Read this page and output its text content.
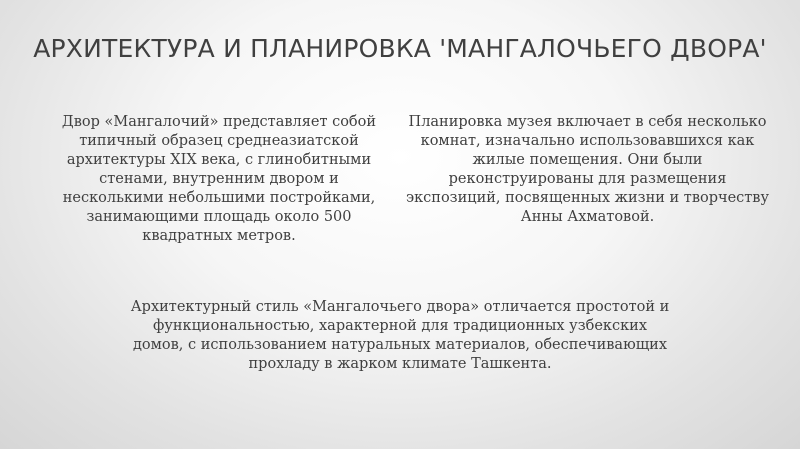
АРХИТЕКТУРА И ПЛАНИРОВКА 'МАНГАЛОЧЬЕГО ДВОРА'

Двор «Мангалочий» представляет собой типичный образец среднеазиатской архитектуры XIX века, с глинобитными стенами, внутренним двором и несколькими небольшими постройками, занимающими площадь около 500 квадратных метров.

Планировка музея включает в себя несколько комнат, изначально использовавшихся как жилые помещения. Они были реконструированы для размещения экспозиций, посвященных жизни и творчеству Анны Ахматовой.

Архитектурный стиль «Мангалочьего двора» отличается простотой и функциональностью, характерной для традиционных узбекских домов, с использованием натуральных материалов, обеспечивающих прохладу в жарком климате Ташкента.
